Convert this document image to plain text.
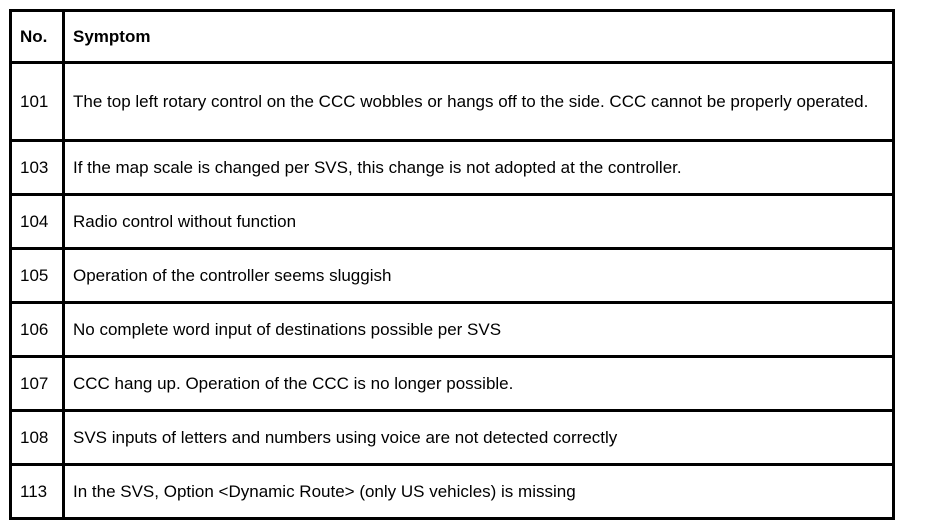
No.	Symptom
101	The top left rotary control on the CCC wobbles or hangs off to the side. CCC cannot be properly operated.
103	If the map scale is changed per SVS, this change is not adopted at the controller.
104	Radio control without function
105	Operation of the controller seems sluggish
106	No complete word input of destinations possible per SVS
107	CCC hang up. Operation of the CCC is no longer possible.
108	SVS inputs of letters and numbers using voice are not detected correctly
113	In the SVS, Option <Dynamic Route> (only US vehicles) is missing
